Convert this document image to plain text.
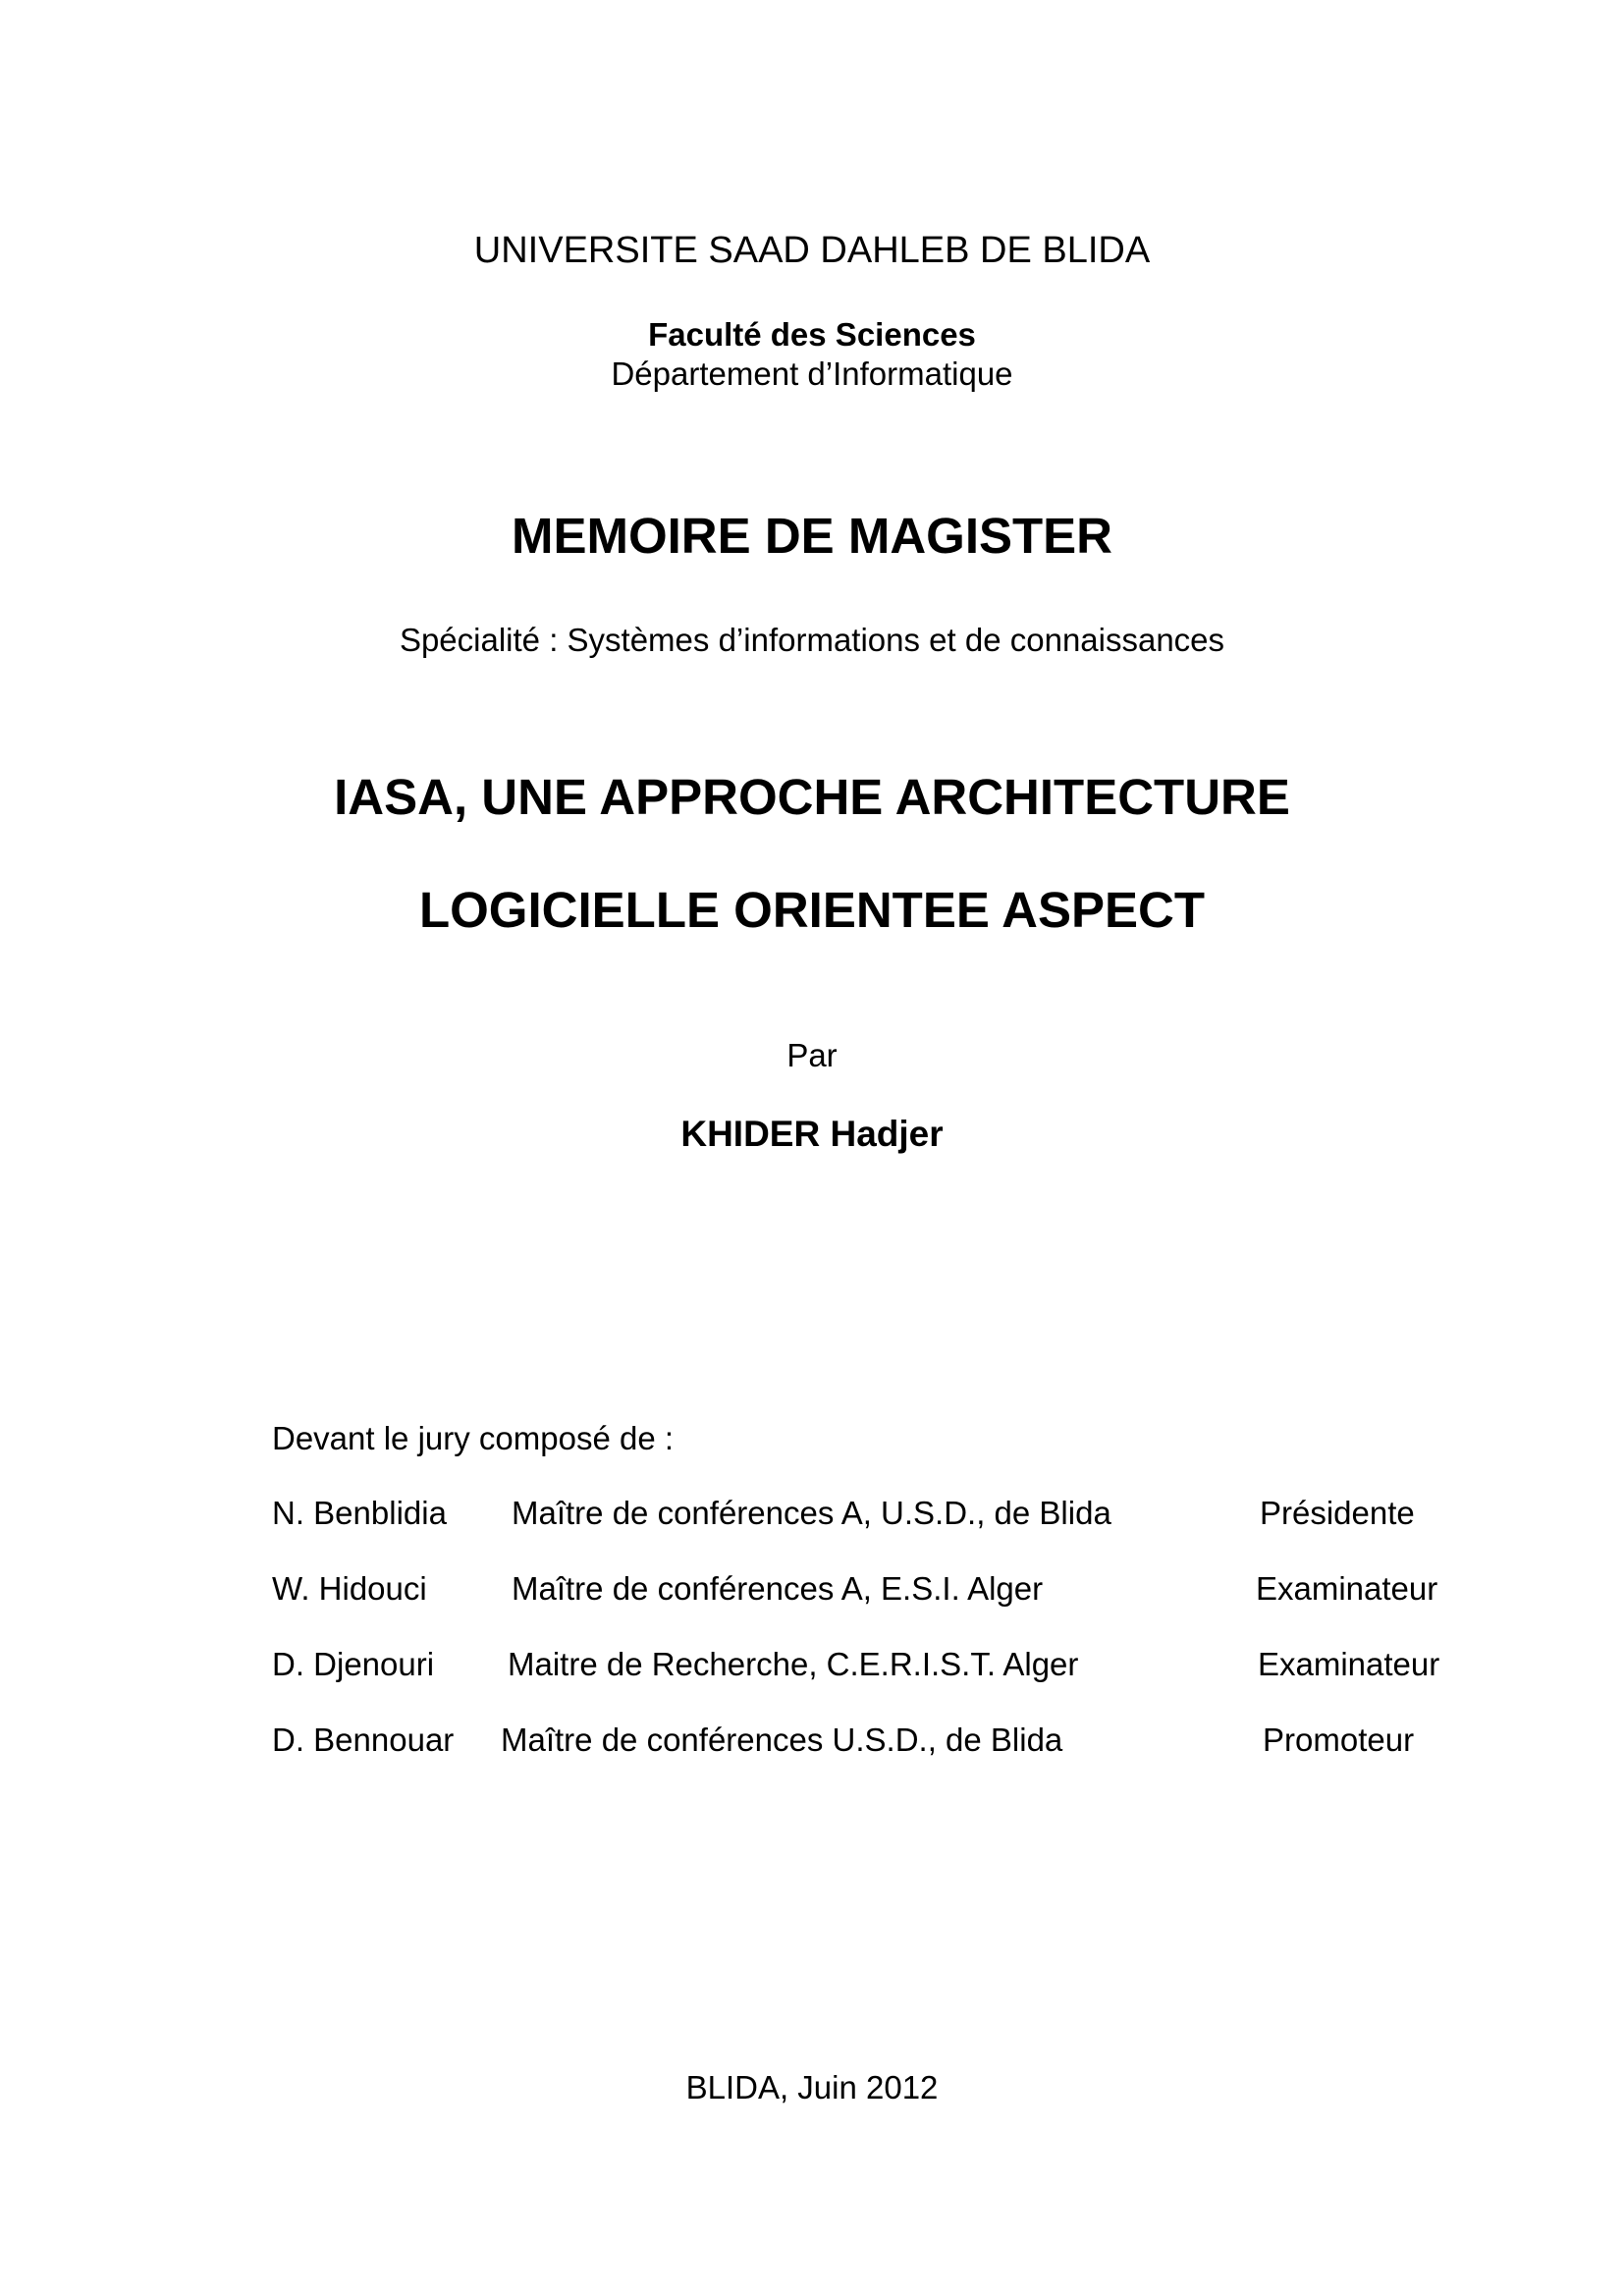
UNIVERSITE SAAD DAHLEB DE BLIDA
Faculté des Sciences
Département d’Informatique
MEMOIRE DE MAGISTER
Spécialité : Systèmes d’informations et de connaissances
IASA, UNE APPROCHE ARCHITECTURE
LOGICIELLE ORIENTEE ASPECT
Par
KHIDER Hadjer
Devant le jury composé de :
N. Benblidia Maître de conférences A, U.S.D., de Blida	Présidente
W. Hidouci	Maître de conférences A, E.S.I. Alger	Examinateur
D. Djenouri Maitre de Recherche, C.E.R.I.S.T. Alger	Examinateur
D. Bennouar Maître de conférences U.S.D., de Blida	Promoteur
BLIDA, Juin 2012
